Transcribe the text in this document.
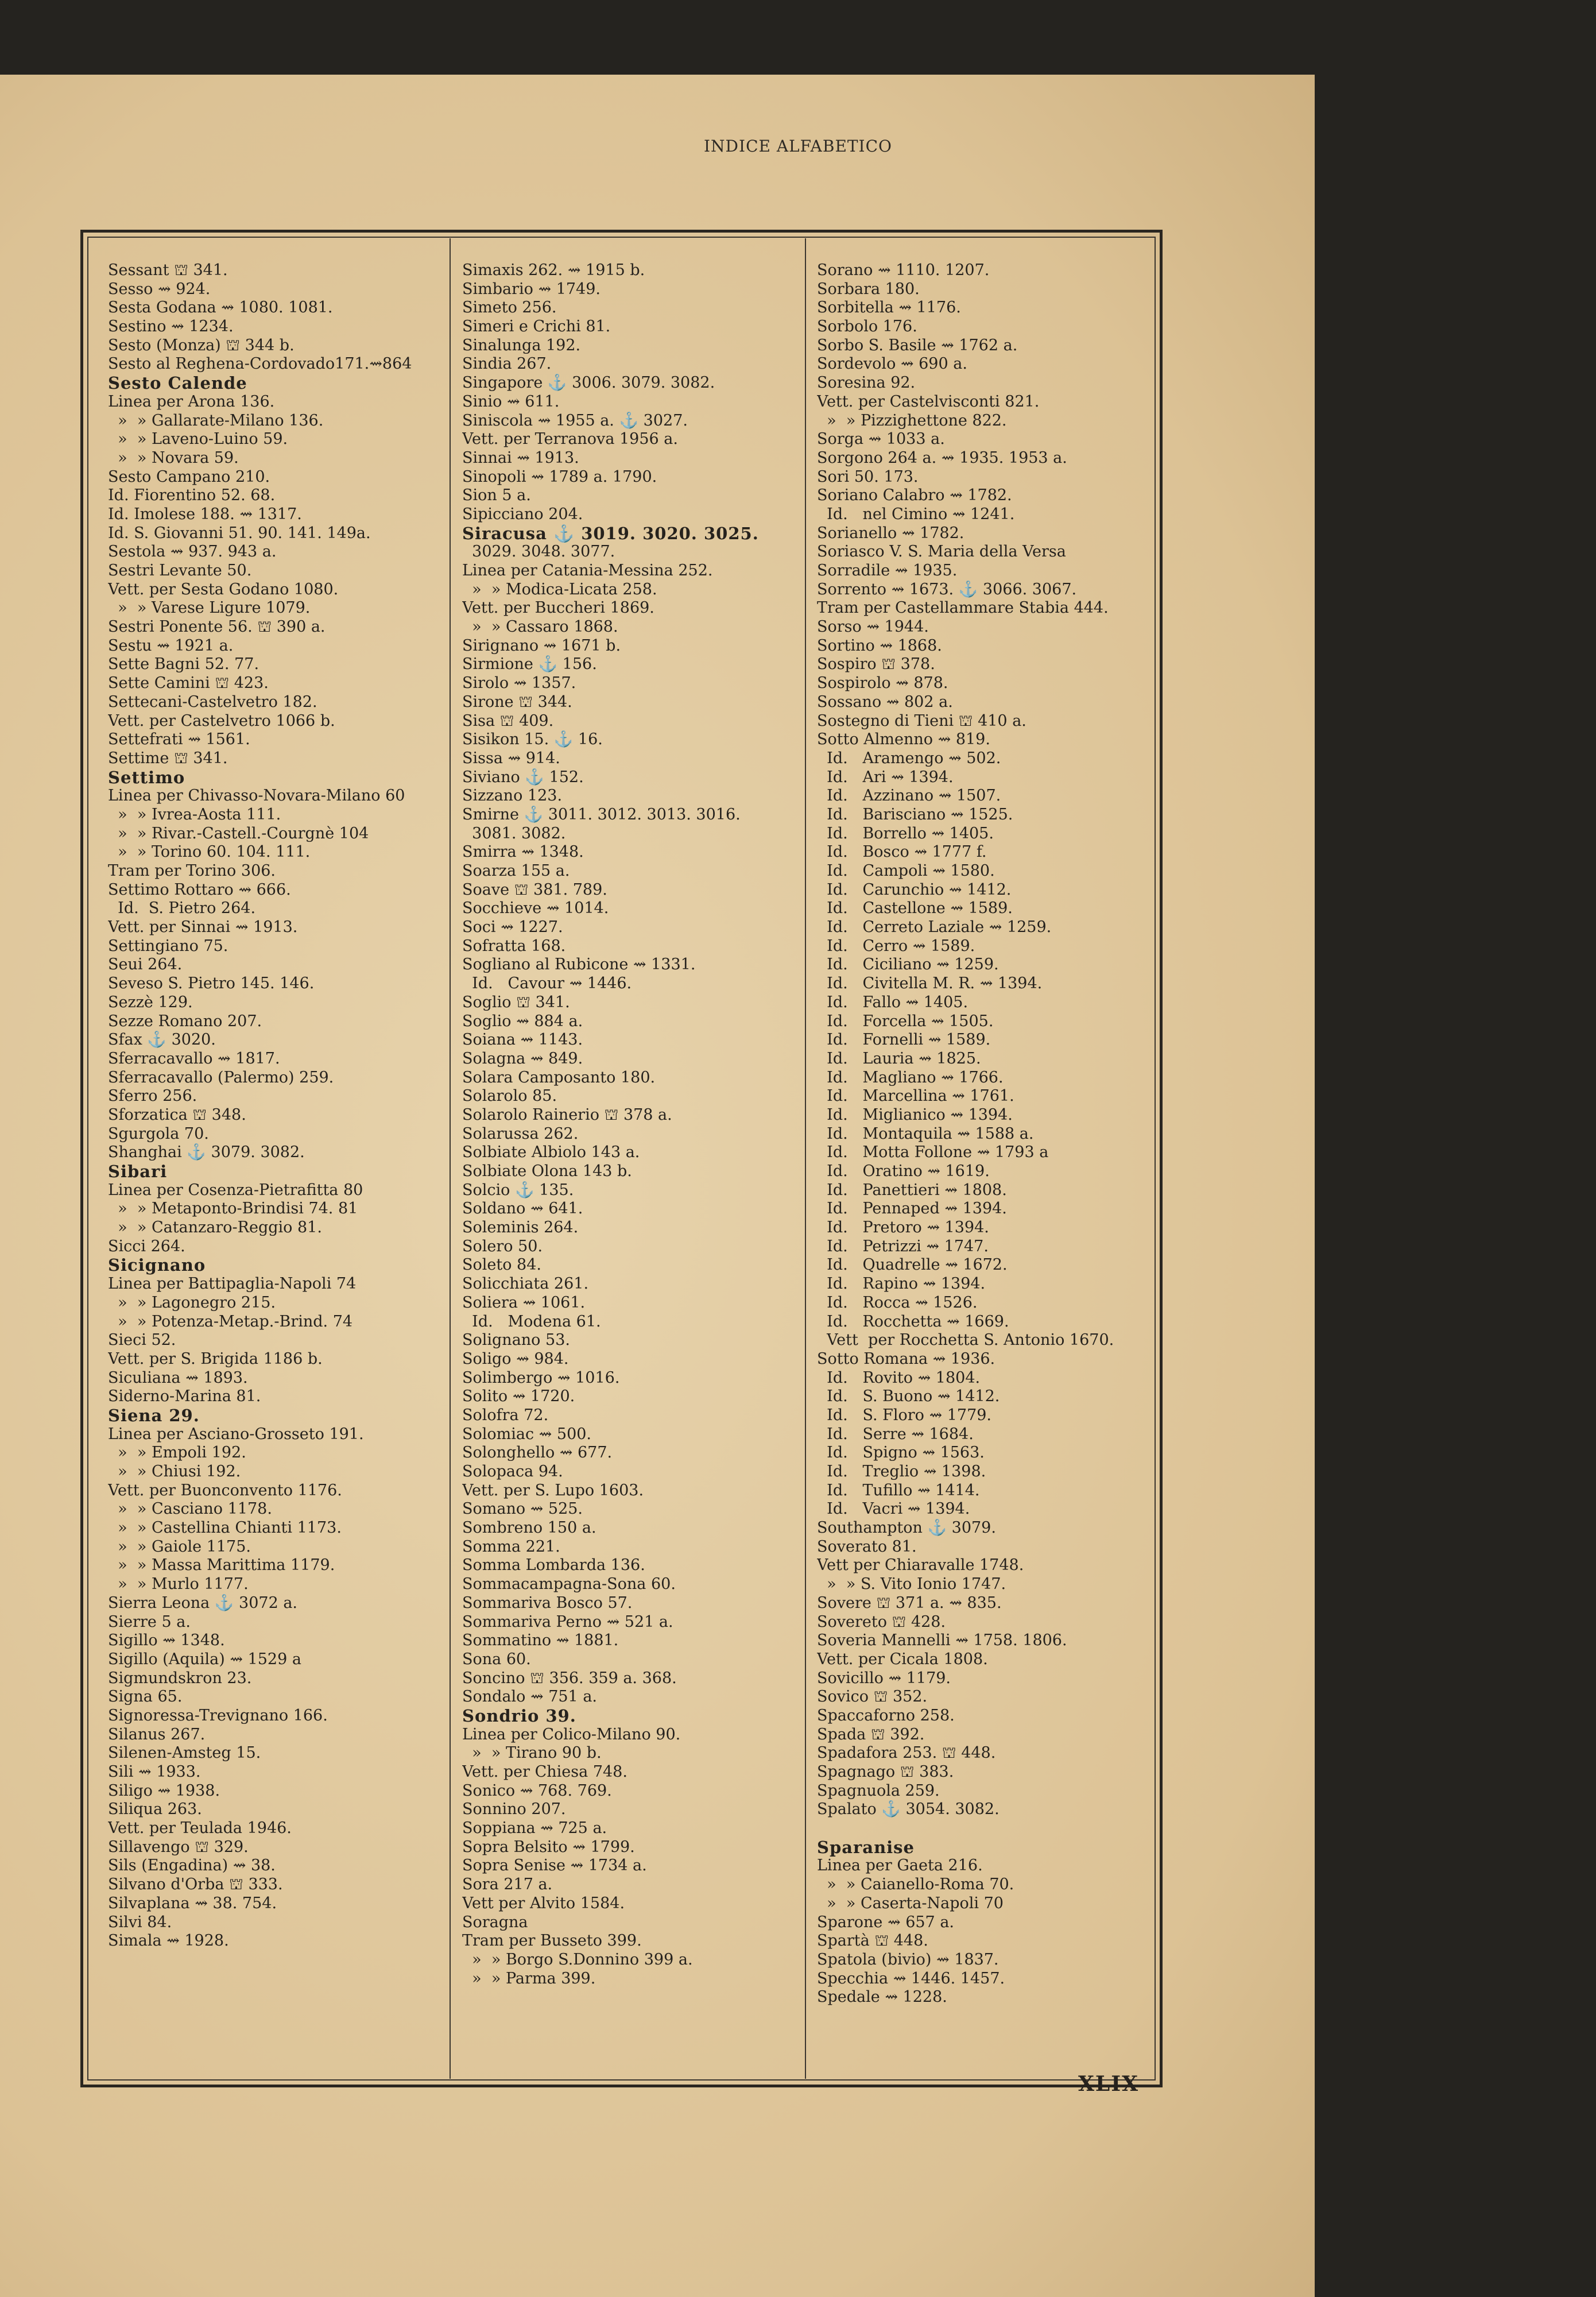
INDICE ALFABETICO
Sessant ⛫ 341.
Sesso ⇝ 924.
Sesta Godana ⇝ 1080. 1081.
Sestino ⇝ 1234.
Sesto (Monza) ⛫ 344 b.
Sesto al Reghena-Cordovado171.⇝864
Sesto Calende
Linea per Arona 136.
»  » Gallarate-Milano 136.
»  » Laveno-Luino 59.
»  » Novara 59.
Sesto Campano 210.
Id. Fiorentino 52. 68.
Id. Imolese 188. ⇝ 1317.
Id. S. Giovanni 51. 90. 141. 149a.
Sestola ⇝ 937. 943 a.
Sestri Levante 50.
Vett. per Sesta Godano 1080.
»  » Varese Ligure 1079.
Sestri Ponente 56. ⛫ 390 a.
Sestu ⇝ 1921 a.
Sette Bagni 52. 77.
Sette Camini ⛫ 423.
Settecani-Castelvetro 182.
Vett. per Castelvetro 1066 b.
Settefrati ⇝ 1561.
Settime ⛫ 341.
Settimo
Linea per Chivasso-Novara-Milano 60
»  » Ivrea-Aosta 111.
»  » Rivar.-Castell.-Courgnè 104
»  » Torino 60. 104. 111.
Tram per Torino 306.
Settimo Rottaro ⇝ 666.
Id.  S. Pietro 264.
Vett. per Sinnai ⇝ 1913.
Settingiano 75.
Seui 264.
Seveso S. Pietro 145. 146.
Sezzè 129.
Sezze Romano 207.
Sfax ⚓ 3020.
Sferracavallo ⇝ 1817.
Sferracavallo (Palermo) 259.
Sferro 256.
Sforzatica ⛫ 348.
Sgurgola 70.
Shanghai ⚓ 3079. 3082.
Sibari
Linea per Cosenza-Pietrafitta 80
»  » Metaponto-Brindisi 74. 81
»  » Catanzaro-Reggio 81.
Sicci 264.
Sicignano
Linea per Battipaglia-Napoli 74
»  » Lagonegro 215.
»  » Potenza-Metap.-Brind. 74
Sieci 52.
Vett. per S. Brigida 1186 b.
Siculiana ⇝ 1893.
Siderno-Marina 81.
Siena 29.
Linea per Asciano-Grosseto 191.
»  » Empoli 192.
»  » Chiusi 192.
Vett. per Buonconvento 1176.
»  » Casciano 1178.
»  » Castellina Chianti 1173.
»  » Gaiole 1175.
»  » Massa Marittima 1179.
»  » Murlo 1177.
Sierra Leona ⚓ 3072 a.
Sierre 5 a.
Sigillo ⇝ 1348.
Sigillo (Aquila) ⇝ 1529 a
Sigmundskron 23.
Signa 65.
Signoressa-Trevignano 166.
Silanus 267.
Silenen-Amsteg 15.
Sili ⇝ 1933.
Siligo ⇝ 1938.
Siliqua 263.
Vett. per Teulada 1946.
Sillavengo ⛫ 329.
Sils (Engadina) ⇝ 38.
Silvano d'Orba ⛫ 333.
Silvaplana ⇝ 38. 754.
Silvi 84.
Simala ⇝ 1928.
Simaxis 262. ⇝ 1915 b.
Simbario ⇝ 1749.
Simeto 256.
Simeri e Crichi 81.
Sinalunga 192.
Sindia 267.
Singapore ⚓ 3006. 3079. 3082.
Sinio ⇝ 611.
Siniscola ⇝ 1955 a. ⚓ 3027.
Vett. per Terranova 1956 a.
Sinnai ⇝ 1913.
Sinopoli ⇝ 1789 a. 1790.
Sion 5 a.
Sipicciano 204.
Siracusa ⚓ 3019. 3020. 3025.
3029. 3048. 3077.
Linea per Catania-Messina 252.
»  » Modica-Licata 258.
Vett. per Buccheri 1869.
»  » Cassaro 1868.
Sirignano ⇝ 1671 b.
Sirmione ⚓ 156.
Sirolo ⇝ 1357.
Sirone ⛫ 344.
Sisa ⛫ 409.
Sisikon 15. ⚓ 16.
Sissa ⇝ 914.
Siviano ⚓ 152.
Sizzano 123.
Smirne ⚓ 3011. 3012. 3013. 3016.
3081. 3082.
Smirra ⇝ 1348.
Soarza 155 a.
Soave ⛫ 381. 789.
Socchieve ⇝ 1014.
Soci ⇝ 1227.
Sofratta 168.
Sogliano al Rubicone ⇝ 1331.
Id.   Cavour ⇝ 1446.
Soglio ⛫ 341.
Soglio ⇝ 884 a.
Soiana ⇝ 1143.
Solagna ⇝ 849.
Solara Camposanto 180.
Solarolo 85.
Solarolo Rainerio ⛫ 378 a.
Solarussa 262.
Solbiate Albiolo 143 a.
Solbiate Olona 143 b.
Solcio ⚓ 135.
Soldano ⇝ 641.
Soleminis 264.
Solero 50.
Soleto 84.
Solicchiata 261.
Soliera ⇝ 1061.
Id.   Modena 61.
Solignano 53.
Soligo ⇝ 984.
Solimbergo ⇝ 1016.
Solito ⇝ 1720.
Solofra 72.
Solomiac ⇝ 500.
Solonghello ⇝ 677.
Solopaca 94.
Vett. per S. Lupo 1603.
Somano ⇝ 525.
Sombreno 150 a.
Somma 221.
Somma Lombarda 136.
Sommacampagna-Sona 60.
Sommariva Bosco 57.
Sommariva Perno ⇝ 521 a.
Sommatino ⇝ 1881.
Sona 60.
Soncino ⛫ 356. 359 a. 368.
Sondalo ⇝ 751 a.
Sondrio 39.
Linea per Colico-Milano 90.
»  » Tirano 90 b.
Vett. per Chiesa 748.
Sonico ⇝ 768. 769.
Sonnino 207.
Soppiana ⇝ 725 a.
Sopra Belsito ⇝ 1799.
Sopra Senise ⇝ 1734 a.
Sora 217 a.
Vett per Alvito 1584.
Soragna
Tram per Busseto 399.
»  » Borgo S.Donnino 399 a.
»  » Parma 399.
Sorano ⇝ 1110. 1207.
Sorbara 180.
Sorbitella ⇝ 1176.
Sorbolo 176.
Sorbo S. Basile ⇝ 1762 a.
Sordevolo ⇝ 690 a.
Soresina 92.
Vett. per Castelvisconti 821.
»  » Pizzighettone 822.
Sorga ⇝ 1033 a.
Sorgono 264 a. ⇝ 1935. 1953 a.
Sori 50. 173.
Soriano Calabro ⇝ 1782.
Id.   nel Cimino ⇝ 1241.
Sorianello ⇝ 1782.
Soriasco V. S. Maria della Versa
Sorradile ⇝ 1935.
Sorrento ⇝ 1673. ⚓ 3066. 3067.
Tram per Castellammare Stabia 444.
Sorso ⇝ 1944.
Sortino ⇝ 1868.
Sospiro ⛫ 378.
Sospirolo ⇝ 878.
Sossano ⇝ 802 a.
Sostegno di Tieni ⛫ 410 a.
Sotto Almenno ⇝ 819.
Id.   Aramengo ⇝ 502.
Id.   Ari ⇝ 1394.
Id.   Azzinano ⇝ 1507.
Id.   Barisciano ⇝ 1525.
Id.   Borrello ⇝ 1405.
Id.   Bosco ⇝ 1777 f.
Id.   Campoli ⇝ 1580.
Id.   Carunchio ⇝ 1412.
Id.   Castellone ⇝ 1589.
Id.   Cerreto Laziale ⇝ 1259.
Id.   Cerro ⇝ 1589.
Id.   Ciciliano ⇝ 1259.
Id.   Civitella M. R. ⇝ 1394.
Id.   Fallo ⇝ 1405.
Id.   Forcella ⇝ 1505.
Id.   Fornelli ⇝ 1589.
Id.   Lauria ⇝ 1825.
Id.   Magliano ⇝ 1766.
Id.   Marcellina ⇝ 1761.
Id.   Miglianico ⇝ 1394.
Id.   Montaquila ⇝ 1588 a.
Id.   Motta Follone ⇝ 1793 a
Id.   Oratino ⇝ 1619.
Id.   Panettieri ⇝ 1808.
Id.   Pennaped ⇝ 1394.
Id.   Pretoro ⇝ 1394.
Id.   Petrizzi ⇝ 1747.
Id.   Quadrelle ⇝ 1672.
Id.   Rapino ⇝ 1394.
Id.   Rocca ⇝ 1526.
Id.   Rocchetta ⇝ 1669.
Vett  per Rocchetta S. Antonio 1670.
Sotto Romana ⇝ 1936.
Id.   Rovito ⇝ 1804.
Id.   S. Buono ⇝ 1412.
Id.   S. Floro ⇝ 1779.
Id.   Serre ⇝ 1684.
Id.   Spigno ⇝ 1563.
Id.   Treglio ⇝ 1398.
Id.   Tufillo ⇝ 1414.
Id.   Vacri ⇝ 1394.
Southampton ⚓ 3079.
Soverato 81.
Vett per Chiaravalle 1748.
»  » S. Vito Ionio 1747.
Sovere ⛫ 371 a. ⇝ 835.
Sovereto ⛫ 428.
Soveria Mannelli ⇝ 1758. 1806.
Vett. per Cicala 1808.
Sovicillo ⇝ 1179.
Sovico ⛫ 352.
Spaccaforno 258.
Spada ⛫ 392.
Spadafora 253. ⛫ 448.
Spagnago ⛫ 383.
Spagnuola 259.
Spalato ⚓ 3054. 3082.

Sparanise
Linea per Gaeta 216.
»  » Caianello-Roma 70.
»  » Caserta-Napoli 70
Sparone ⇝ 657 a.
Spartà ⛫ 448.
Spatola (bivio) ⇝ 1837.
Specchia ⇝ 1446. 1457.
Spedale ⇝ 1228.
XLIX
